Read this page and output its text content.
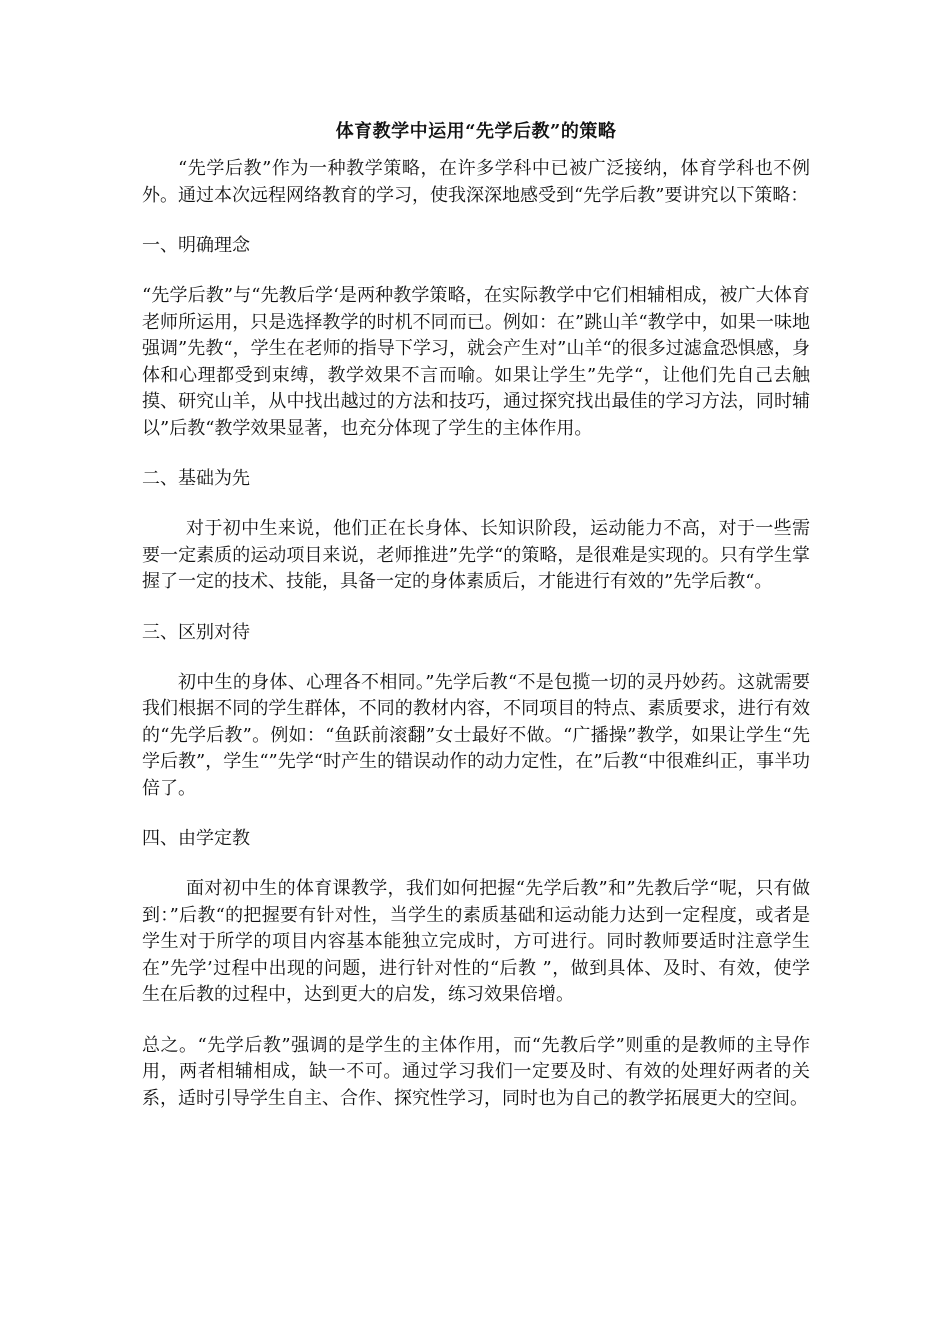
体育教学中运用“先学后教”的策略

“先学后教”作为一种教学策略，在许多学科中已被广泛接纳，体育学科也不例外。通过本次远程网络教育的学习，使我深深地感受到“先学后教”要讲究以下策略：

一、明确理念

“先学后教”与“先教后学‘是两种教学策略，在实际教学中它们相辅相成，被广大体育老师所运用，只是选择教学的时机不同而已。例如：在”跳山羊“教学中，如果一味地强调”先教“，学生在老师的指导下学习，就会产生对”山羊“的很多过滤盒恐惧感，身体和心理都受到束缚，教学效果不言而喻。如果让学生”先学“，让他们先自己去触摸、研究山羊，从中找出越过的方法和技巧，通过探究找出最佳的学习方法，同时辅以”后教“教学效果显著，也充分体现了学生的主体作用。

二、基础为先

对于初中生来说，他们正在长身体、长知识阶段，运动能力不高，对于一些需要一定素质的运动项目来说，老师推进”先学“的策略，是很难是实现的。只有学生掌握了一定的技术、技能，具备一定的身体素质后，才能进行有效的”先学后教“。

三、区别对待

初中生的身体、心理各不相同。”先学后教“不是包揽一切的灵丹妙药。这就需要我们根据不同的学生群体，不同的教材内容，不同项目的特点、素质要求，进行有效的“先学后教”。例如：“鱼跃前滚翻”女士最好不做。“广播操”教学，如果让学生“先学后教”，学生“”先学“时产生的错误动作的动力定性，在”后教“中很难纠正，事半功倍了。

四、由学定教

面对初中生的体育课教学，我们如何把握“先学后教”和”先教后学“呢，只有做到：”后教“的把握要有针对性，当学生的素质基础和运动能力达到一定程度，或者是学生对于所学的项目内容基本能独立完成时，方可进行。同时教师要适时注意学生在”先学’过程中出现的问题，进行针对性的“后教 ”，做到具体、及时、有效，使学生在后教的过程中，达到更大的启发，练习效果倍增。

总之。“先学后教”强调的是学生的主体作用，而“先教后学”则重的是教师的主导作用，两者相辅相成，缺一不可。通过学习我们一定要及时、有效的处理好两者的关系，适时引导学生自主、合作、探究性学习，同时也为自己的教学拓展更大的空间。
